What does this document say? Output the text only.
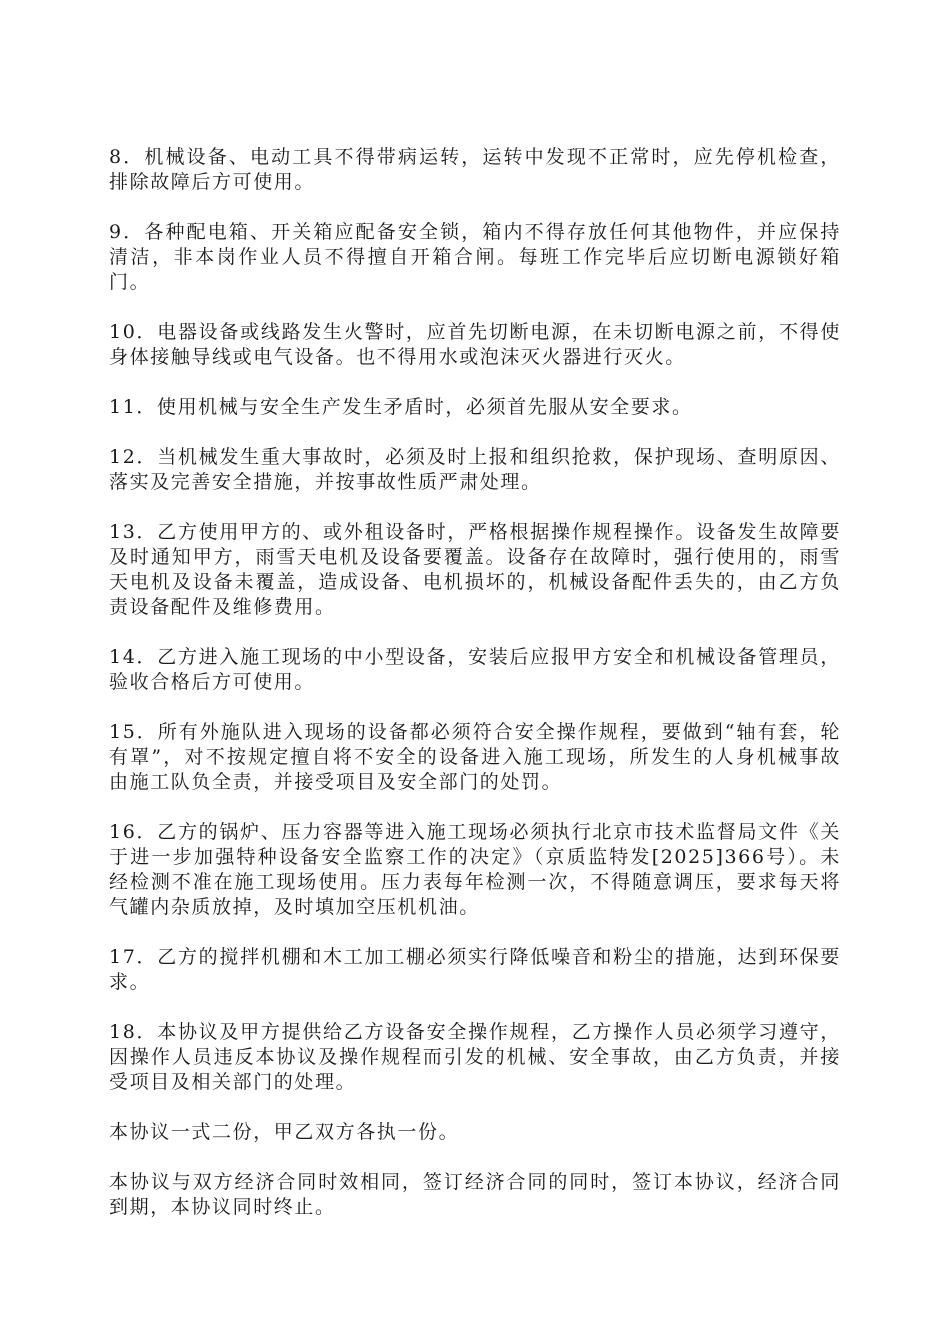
8．机械设备、电动工具不得带病运转，运转中发现不正常时，应先停机检查，排除故障后方可使用。

9．各种配电箱、开关箱应配备安全锁，箱内不得存放任何其他物件，并应保持清洁，非本岗作业人员不得擅自开箱合闸。每班工作完毕后应切断电源锁好箱门。

10．电器设备或线路发生火警时，应首先切断电源，在未切断电源之前，不得使身体接触导线或电气设备。也不得用水或泡沫灭火器进行灭火。

11．使用机械与安全生产发生矛盾时，必须首先服从安全要求。

12．当机械发生重大事故时，必须及时上报和组织抢救，保护现场、查明原因、落实及完善安全措施，并按事故性质严肃处理。

13．乙方使用甲方的、或外租设备时，严格根据操作规程操作。设备发生故障要及时通知甲方，雨雪天电机及设备要覆盖。设备存在故障时，强行使用的，雨雪天电机及设备未覆盖，造成设备、电机损坏的，机械设备配件丢失的，由乙方负责设备配件及维修费用。

14．乙方进入施工现场的中小型设备，安装后应报甲方安全和机械设备管理员，验收合格后方可使用。

15．所有外施队进入现场的设备都必须符合安全操作规程，要做到“轴有套，轮有罩”，对不按规定擅自将不安全的设备进入施工现场，所发生的人身机械事故由施工队负全责，并接受项目及安全部门的处罚。

16．乙方的锅炉、压力容器等进入施工现场必须执行北京市技术监督局文件《关于进一步加强特种设备安全监察工作的决定》（京质监特发[2025]366号）。未经检测不准在施工现场使用。压力表每年检测一次，不得随意调压，要求每天将气罐内杂质放掉，及时填加空压机机油。

17．乙方的搅拌机棚和木工加工棚必须实行降低噪音和粉尘的措施，达到环保要求。

18．本协议及甲方提供给乙方设备安全操作规程，乙方操作人员必须学习遵守，因操作人员违反本协议及操作规程而引发的机械、安全事故，由乙方负责，并接受项目及相关部门的处理。

本协议一式二份，甲乙双方各执一份。

本协议与双方经济合同时效相同，签订经济合同的同时，签订本协议，经济合同到期，本协议同时终止。
